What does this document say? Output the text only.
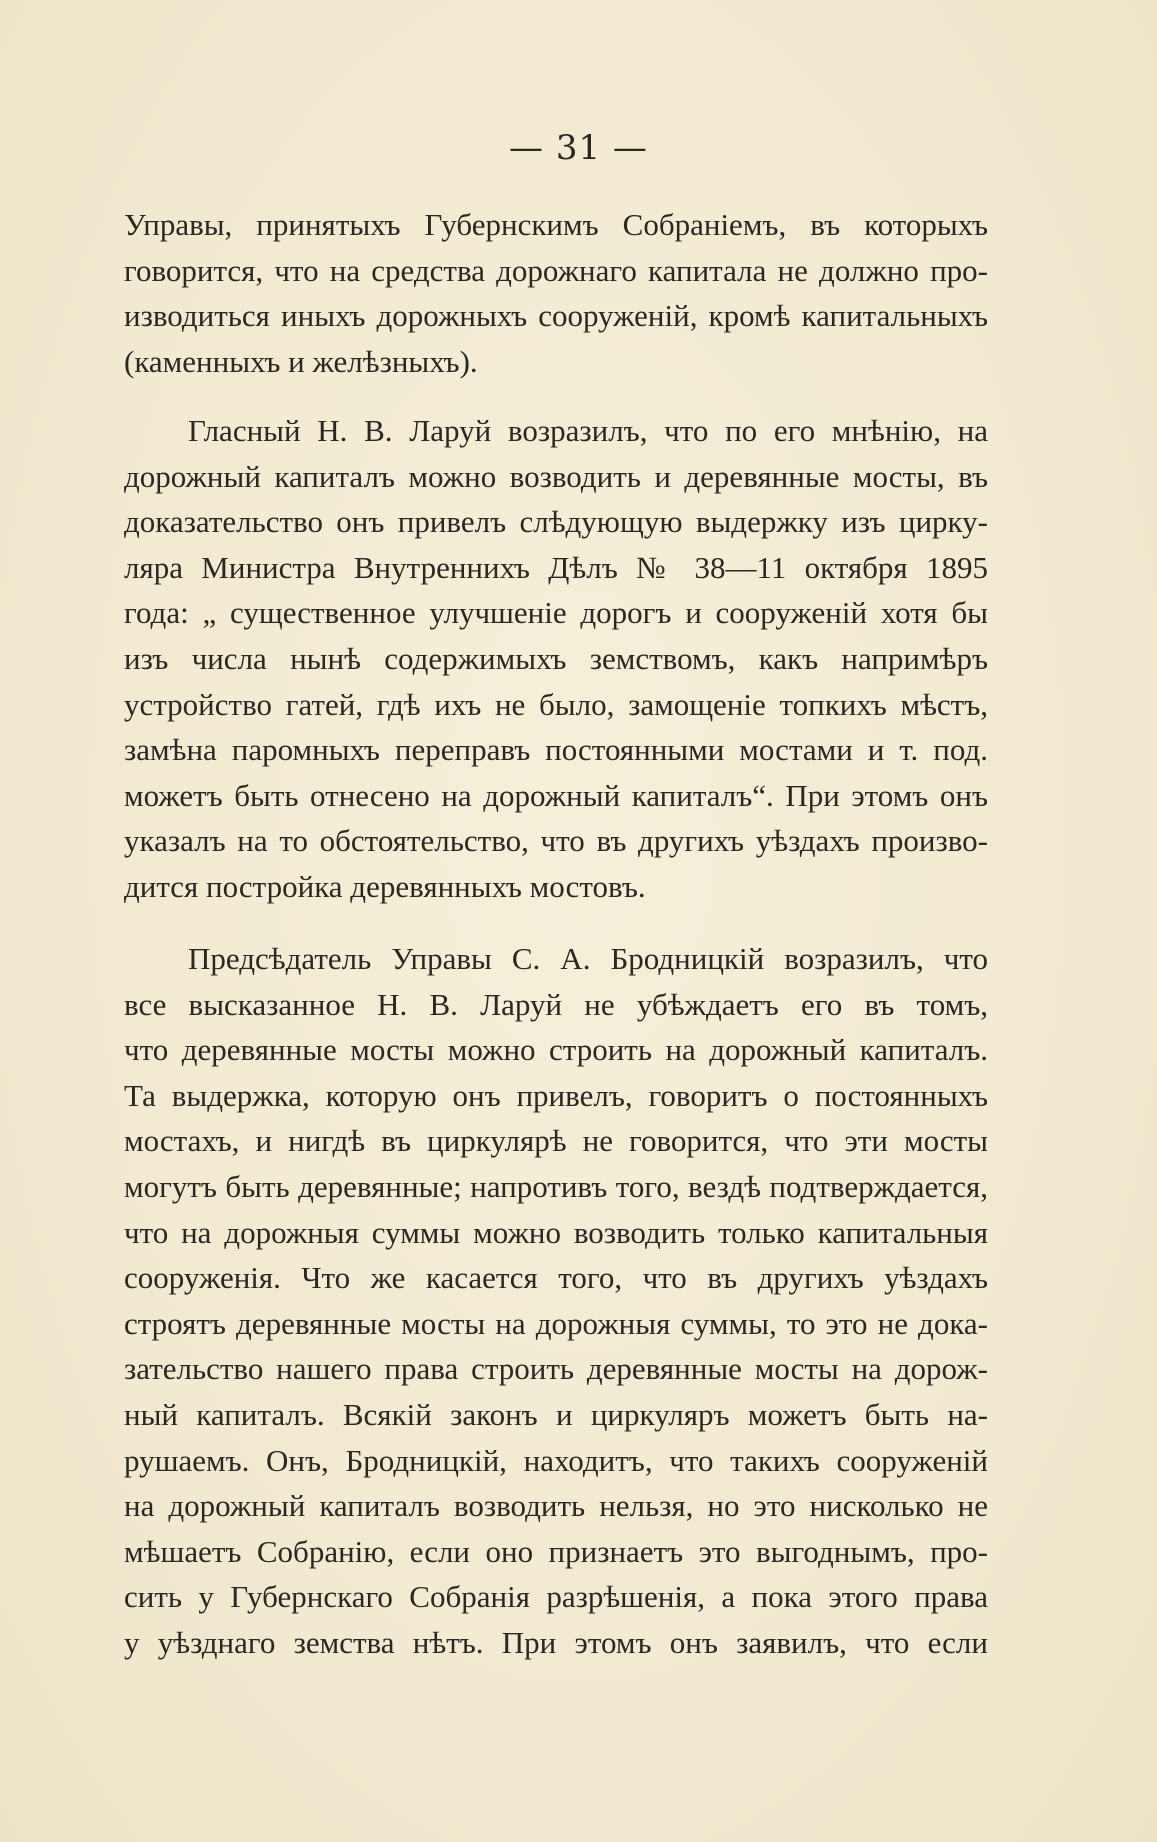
— 31 —
Управы, принятыхъ Губернскимъ Собраніемъ, въ которыхъ
говорится, что на средства дорожнаго капитала не должно про-
изводиться иныхъ дорожныхъ сооруженій, кромѣ капитальныхъ
(каменныхъ и желѣзныхъ).
Гласный Н. В. Ларуй возразилъ, что по его мнѣнію, на
дорожный капиталъ можно возводить и деревянные мосты, въ
доказательство онъ привелъ слѣдующую выдержку изъ цирку-
ляра Министра Внутреннихъ Дѣлъ № 38—11 октября 1895
года: „ существенное улучшеніе дорогъ и сооруженій хотя бы
изъ числа нынѣ содержимыхъ земствомъ, какъ напримѣръ
устройство гатей, гдѣ ихъ не было, замощеніе топкихъ мѣстъ,
замѣна паромныхъ переправъ постоянными мостами и т. под.
можетъ быть отнесено на дорожный капиталъ“. При этомъ онъ
указалъ на то обстоятельство, что въ другихъ уѣздахъ произво-
дится постройка деревянныхъ мостовъ.
Предсѣдатель Управы С. А. Бродницкій возразилъ, что
все высказанное Н. В. Ларуй не убѣждаетъ его въ томъ,
что деревянные мосты можно строить на дорожный капиталъ.
Та выдержка, которую онъ привелъ, говоритъ о постоянныхъ
мостахъ, и нигдѣ въ циркулярѣ не говорится, что эти мосты
могутъ быть деревянные; напротивъ того, вездѣ подтверждается,
что на дорожныя суммы можно возводить только капитальныя
сооруженія. Что же касается того, что въ другихъ уѣздахъ
строятъ деревянные мосты на дорожныя суммы, то это не дока-
зательство нашего права строить деревянные мосты на дорож-
ный капиталъ. Всякій законъ и циркуляръ можетъ быть на-
рушаемъ. Онъ, Бродницкій, находитъ, что такихъ сооруженій
на дорожный капиталъ возводить нельзя, но это нисколько не
мѣшаетъ Собранію, если оно признаетъ это выгоднымъ, про-
сить у Губернскаго Собранія разрѣшенія, а пока этого права
у уѣзднаго земства нѣтъ. При этомъ онъ заявилъ, что если
